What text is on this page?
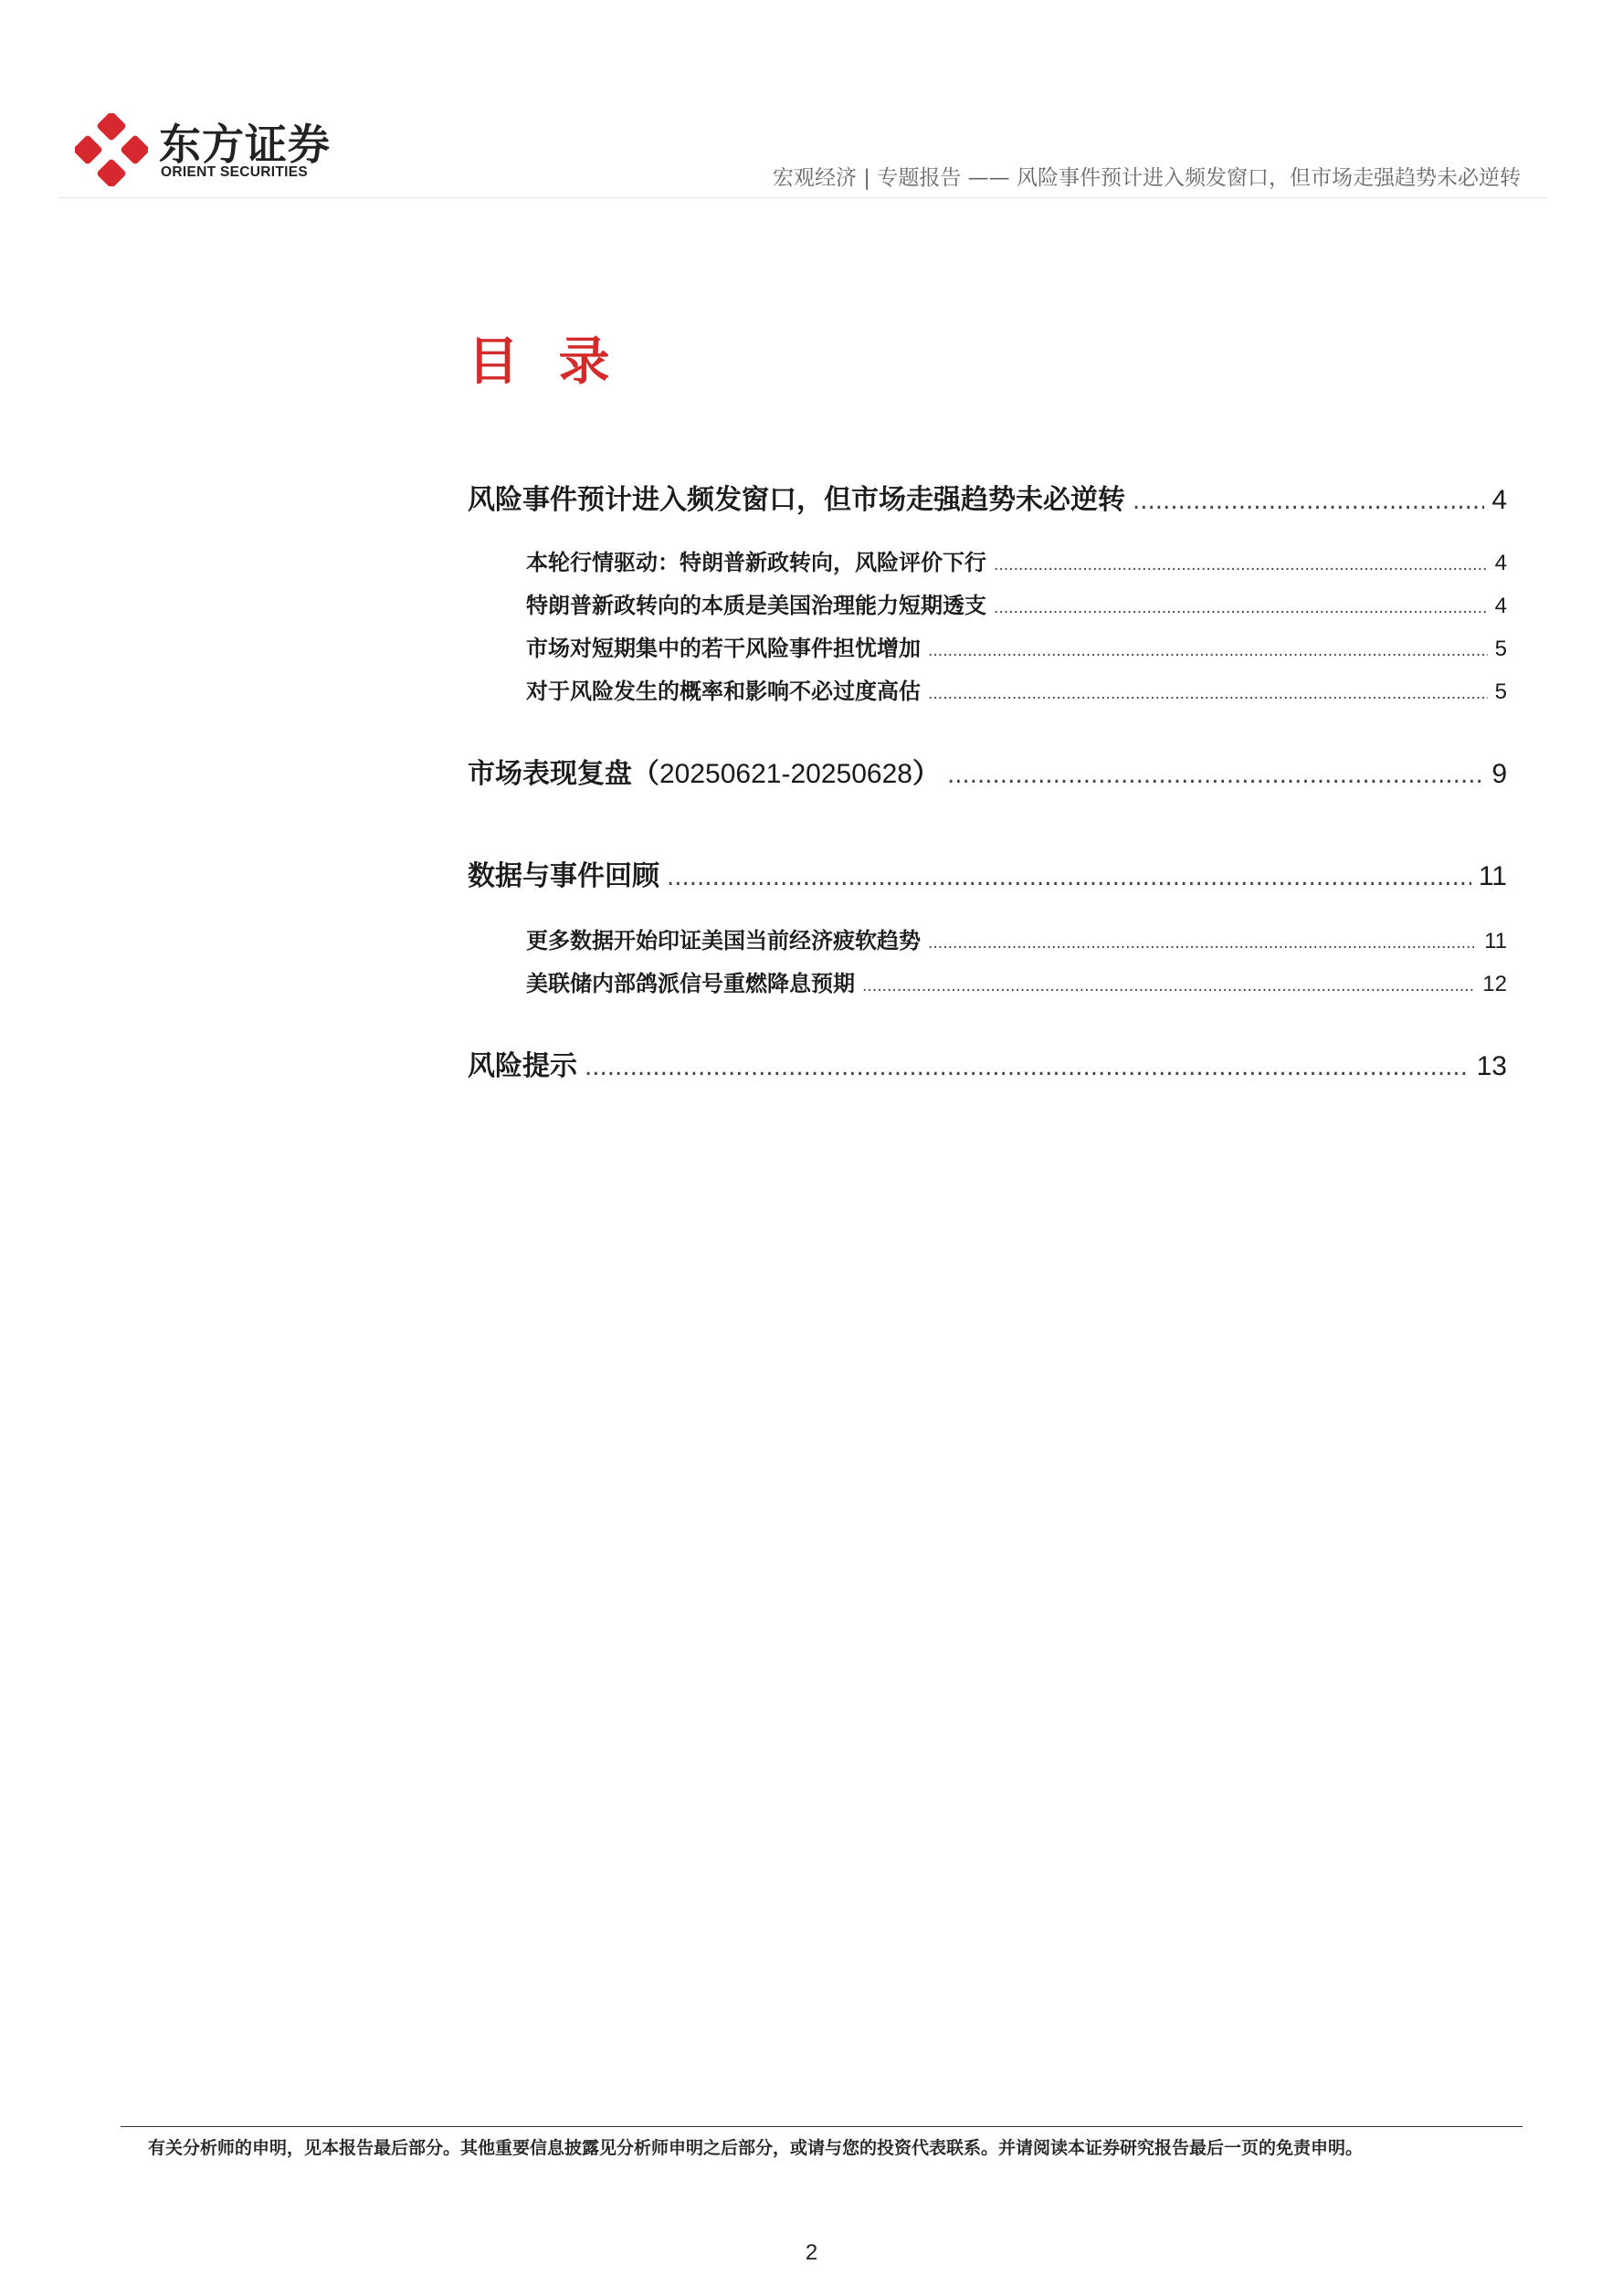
东方证券
ORIENT SECURITIES	宏观经济 | 专题报告 —— 风险事件预计进入频发窗口，但市场走强趋势未必逆转
目 录
风险事件预计进入频发窗口，但市场走强趋势未必逆转 .....	4
本轮行情驱动：特朗普新政转向，风险评价下行 .....	4
特朗普新政转向的本质是美国治理能力短期透支 .....	4
市场对短期集中的若干风险事件担忧增加 .....	5
对于风险发生的概率和影响不必过度高估 .....	5
市场表现复盘（20250621-20250628） .....	9
数据与事件回顾 .....	11
更多数据开始印证美国当前经济疲软趋势 .....	11
美联储内部鸽派信号重燃降息预期 .....	12
风险提示 .....	13
有关分析师的申明，见本报告最后部分。其他重要信息披露见分析师申明之后部分，或请与您的投资代表联系。并请阅读本证券研究报告最后一页的免责申明。
2
